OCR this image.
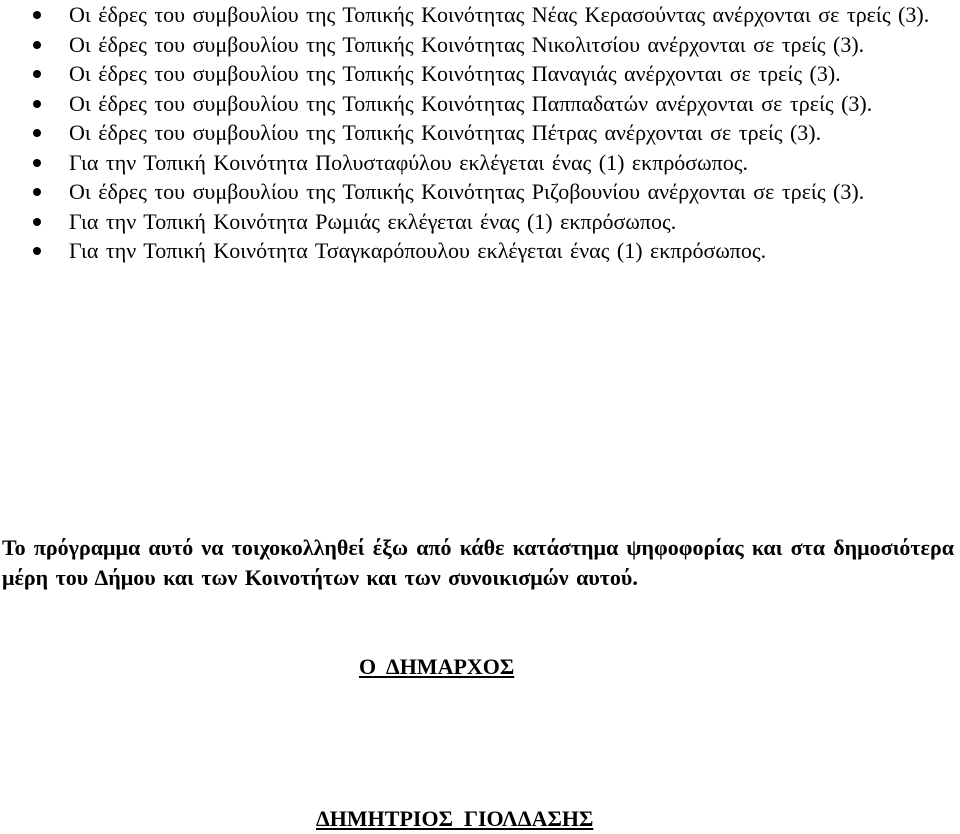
Οι έδρες του συμβουλίου της Τοπικής Κοινότητας Νέας Κερασούντας ανέρχονται σε τρείς (3).
Οι έδρες του συμβουλίου της Τοπικής Κοινότητας Νικολιτσίου ανέρχονται σε τρείς (3).
Οι έδρες του συμβουλίου της Τοπικής Κοινότητας Παναγιάς ανέρχονται σε τρείς (3).
Οι έδρες του συμβουλίου της Τοπικής Κοινότητας Παππαδατών ανέρχονται σε τρείς (3).
Οι έδρες του συμβουλίου της Τοπικής Κοινότητας Πέτρας ανέρχονται σε τρείς (3).
Για την Τοπική Κοινότητα Πολυσταφύλου εκλέγεται ένας (1) εκπρόσωπος.
Οι έδρες του συμβουλίου της Τοπικής Κοινότητας Ριζοβουνίου ανέρχονται σε τρείς (3).
Για την Τοπική Κοινότητα Ρωμιάς εκλέγεται ένας (1) εκπρόσωπος.
Για την Τοπική Κοινότητα Τσαγκαρόπουλου εκλέγεται ένας (1) εκπρόσωπος.

Το πρόγραμμα αυτό να τοιχοκολληθεί έξω από κάθε κατάστημα ψηφοφορίας και στα δημοσιότερα μέρη του Δήμου και των Κοινοτήτων και των συνοικισμών αυτού.

Ο  ΔΗΜΑΡΧΟΣ

ΔΗΜΗΤΡΙΟΣ  ΓΙΟΛΔΑΣΗΣ
